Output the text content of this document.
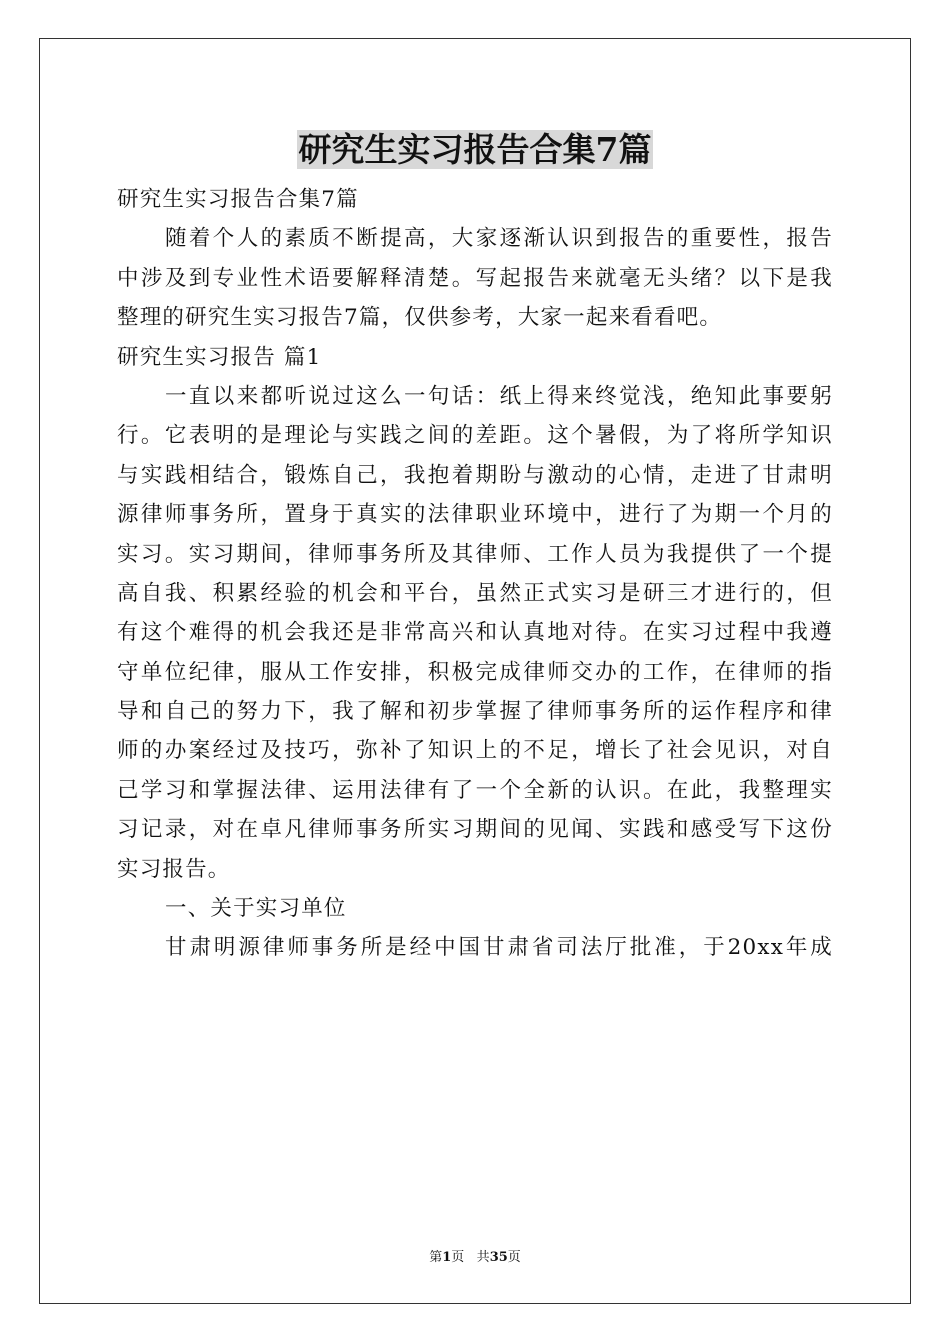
研究生实习报告合集7篇
研究生实习报告合集7篇
随着个人的素质不断提高，大家逐渐认识到报告的重要性，报告
中涉及到专业性术语要解释清楚。写起报告来就毫无头绪？以下是我
整理的研究生实习报告7篇，仅供参考，大家一起来看看吧。
研究生实习报告 篇1
一直以来都听说过这么一句话：纸上得来终觉浅，绝知此事要躬
行。它表明的是理论与实践之间的差距。这个暑假，为了将所学知识
与实践相结合，锻炼自己，我抱着期盼与激动的心情，走进了甘肃明
源律师事务所，置身于真实的法律职业环境中，进行了为期一个月的
实习。实习期间，律师事务所及其律师、工作人员为我提供了一个提
高自我、积累经验的机会和平台，虽然正式实习是研三才进行的，但
有这个难得的机会我还是非常高兴和认真地对待。在实习过程中我遵
守单位纪律，服从工作安排，积极完成律师交办的工作，在律师的指
导和自己的努力下，我了解和初步掌握了律师事务所的运作程序和律
师的办案经过及技巧，弥补了知识上的不足，增长了社会见识，对自
己学习和掌握法律、运用法律有了一个全新的认识。在此，我整理实
习记录，对在卓凡律师事务所实习期间的见闻、实践和感受写下这份
实习报告。
一、关于实习单位
甘肃明源律师事务所是经中国甘肃省司法厅批准，于20xx年成
第1页 共35页
